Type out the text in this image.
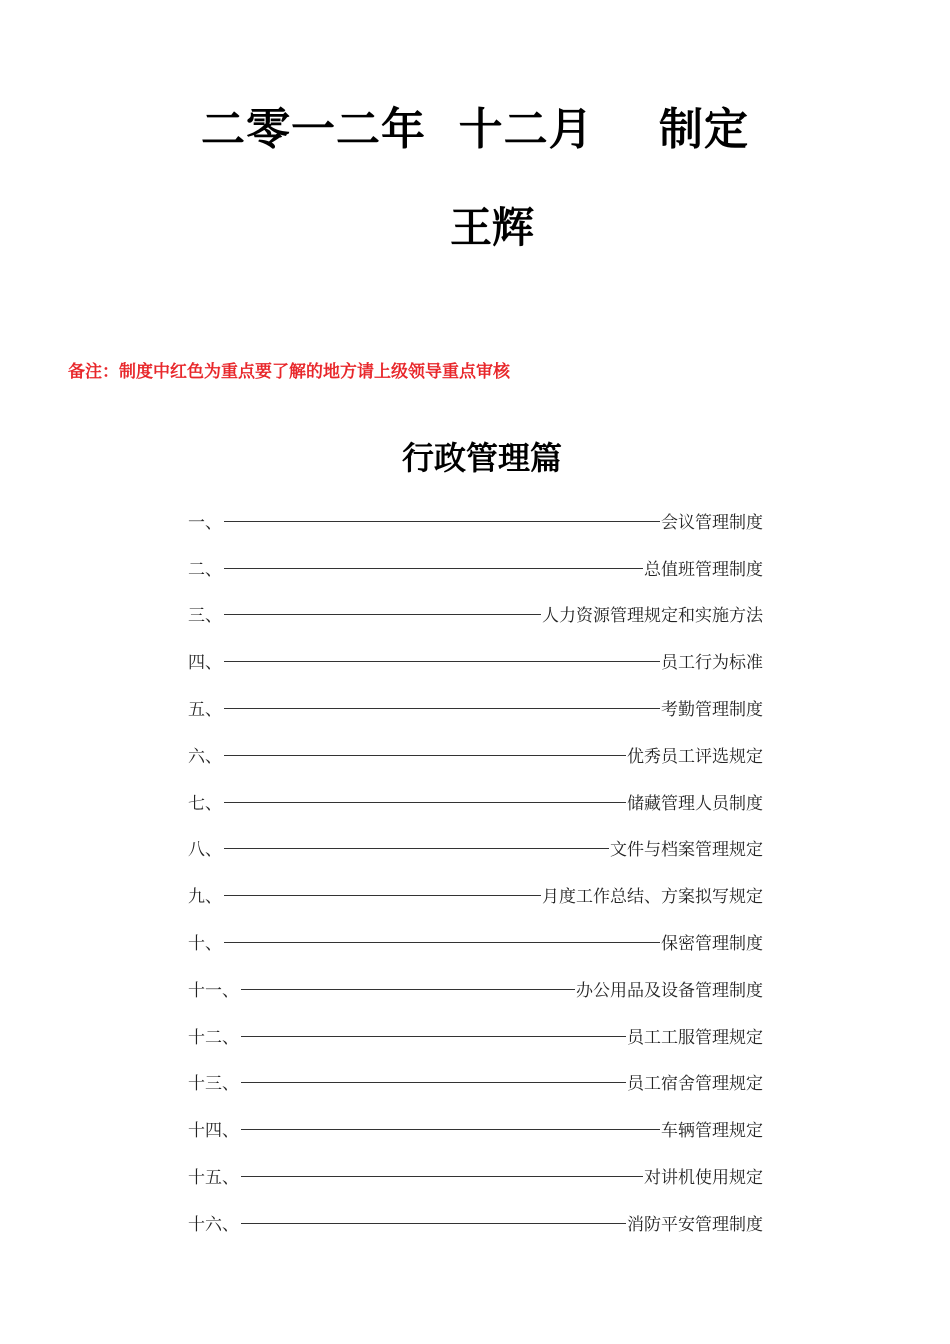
二零一二年  十二月    制定
王辉
备注：制度中红色为重点要了解的地方请上级领导重点审核
行政管理篇
一、	会议管理制度
二、	总值班管理制度
三、	人力资源管理规定和实施方法
四、	员工行为标准
五、	考勤管理制度
六、	优秀员工评选规定
七、	储藏管理人员制度
八、	文件与档案管理规定
九、	月度工作总结、方案拟写规定
十、	保密管理制度
十一、	办公用品及设备管理制度
十二、	员工工服管理规定
十三、	员工宿舍管理规定
十四、	车辆管理规定
十五、	对讲机使用规定
十六、	消防平安管理制度
